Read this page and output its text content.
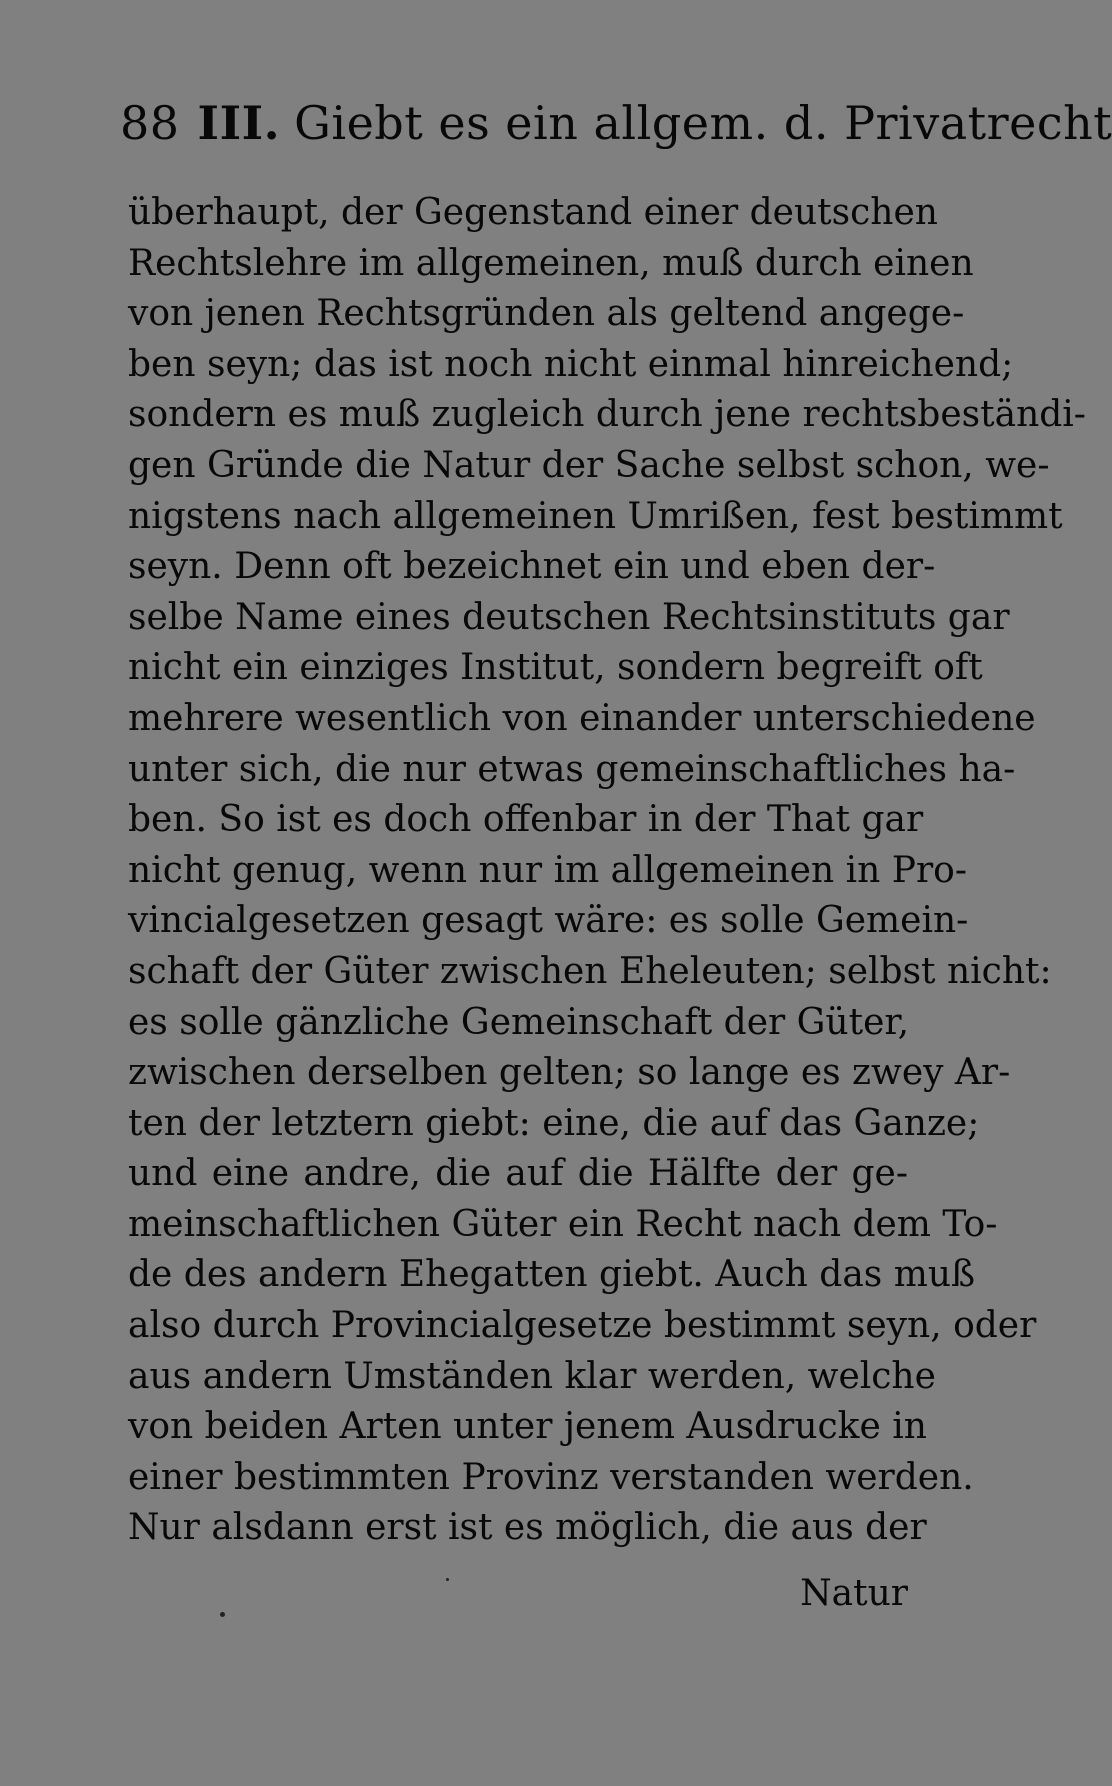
88 III. Giebt es ein allgem. d. Privatrecht
überhaupt, der Gegenstand einer deutschen
Rechtslehre im allgemeinen, muß durch einen
von jenen Rechtsgründen als geltend angege-
ben seyn; das ist noch nicht einmal hinreichend;
sondern es muß zugleich durch jene rechtsbeständi-
gen Gründe die Natur der Sache selbst schon, we-
nigstens nach allgemeinen Umrißen, fest bestimmt
seyn. Denn oft bezeichnet ein und eben der-
selbe Name eines deutschen Rechtsinstituts gar
nicht ein einziges Institut, sondern begreift oft
mehrere wesentlich von einander unterschiedene
unter sich, die nur etwas gemeinschaftliches ha-
ben. So ist es doch offenbar in der That gar
nicht genug, wenn nur im allgemeinen in Pro-
vincialgesetzen gesagt wäre: es solle Gemein-
schaft der Güter zwischen Eheleuten; selbst nicht:
es solle gänzliche Gemeinschaft der Güter,
zwischen derselben gelten; so lange es zwey Ar-
ten der letztern giebt: eine, die auf das Ganze;
und eine andre, die auf die Hälfte der ge-
meinschaftlichen Güter ein Recht nach dem To-
de des andern Ehegatten giebt. Auch das muß
also durch Provincialgesetze bestimmt seyn, oder
aus andern Umständen klar werden, welche
von beiden Arten unter jenem Ausdrucke in
einer bestimmten Provinz verstanden werden.
Nur alsdann erst ist es möglich, die aus der
Natur
